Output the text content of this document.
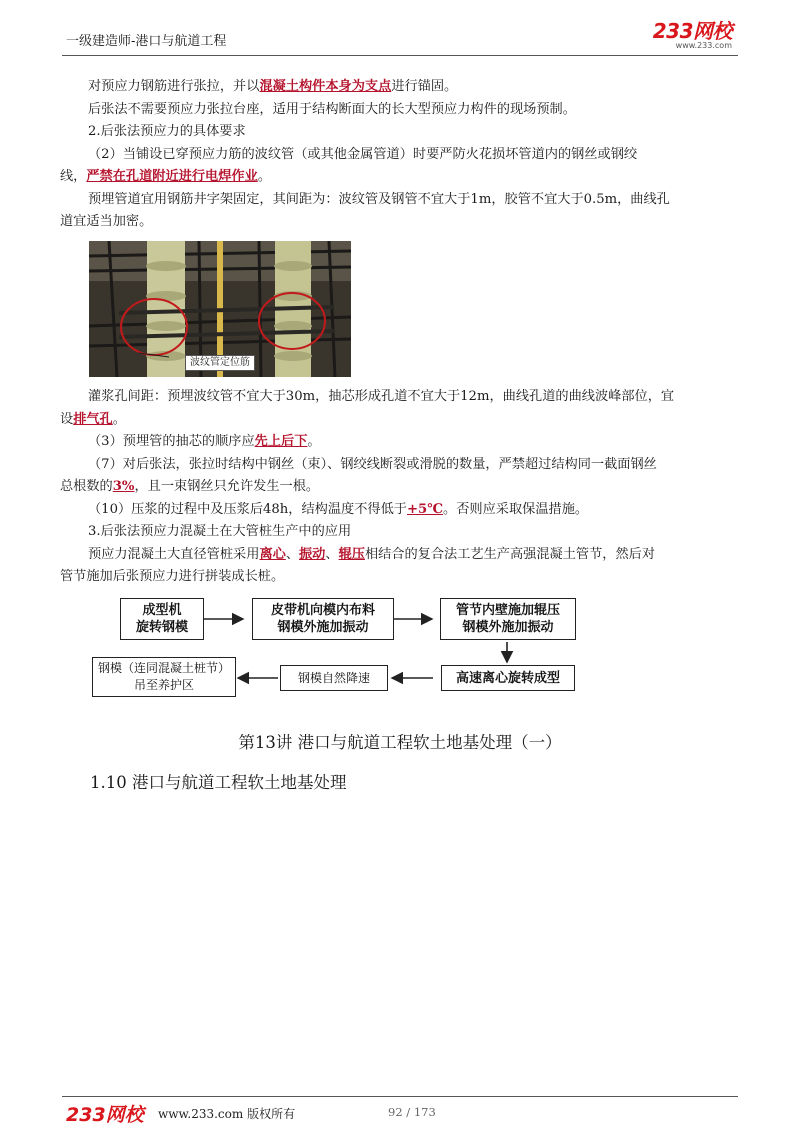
一级建造师-港口与航道工程	233网校
www.233.com

对预应力钢筋进行张拉，并以混凝土构件本身为支点进行锚固。

后张法不需要预应力张拉台座，适用于结构断面大的长大型预应力构件的现场预制。

2.后张法预应力的具体要求

（2）当铺设已穿预应力筋的波纹管（或其他金属管道）时要严防火花损坏管道内的钢丝或钢绞

线，严禁在孔道附近进行电焊作业。

预埋管道宜用钢筋井字架固定，其间距为：波纹管及钢管不宜大于1m，胶管不宜大于0.5m，曲线孔

道宜适当加密。

波纹管定位筋

灌浆孔间距：预埋波纹管不宜大于30m，抽芯形成孔道不宜大于12m，曲线孔道的曲线波峰部位，宜

设排气孔。

（3）预埋管的抽芯的顺序应先上后下。

（7）对后张法，张拉时结构中钢丝（束）、钢绞线断裂或滑脱的数量，严禁超过结构同一截面钢丝

总根数的3%，且一束钢丝只允许发生一根。

（10）压浆的过程中及压浆后48h，结构温度不得低于+5℃。否则应采取保温措施。

3.后张法预应力混凝土在大管桩生产中的应用

预应力混凝土大直径管桩采用离心、振动、辊压相结合的复合法工艺生产高强混凝土管节，然后对

管节施加后张预应力进行拼装成长桩。

成型机
旋转钢模
皮带机向模内布料
钢模外施加振动
管节内壁施加辊压
钢模外施加振动
高速离心旋转成型
钢模自然降速
钢模（连同混凝土桩节）
吊至养护区
第13讲 港口与航道工程软土地基处理（一）
1.10 港口与航道工程软土地基处理
233网校 www.233.com 版权所有	92 / 173
